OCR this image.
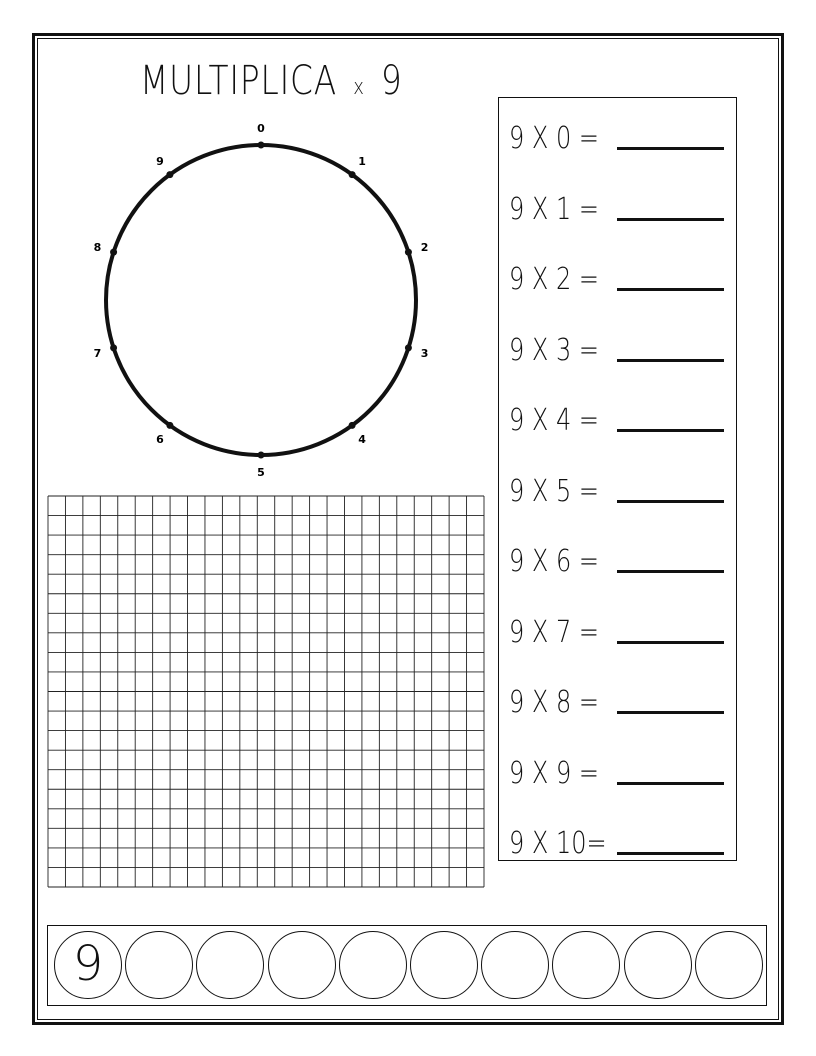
MULTIPLICA x 9
0
1
2
3
4
5
6
7
8
9
9 X 0 =
9 X 1 =
9 X 2 =
9 X 3 =
9 X 4 =
9 X 5 =
9 X 6 =
9 X 7 =
9 X 8 =
9 X 9 =
9 X 10=
9
